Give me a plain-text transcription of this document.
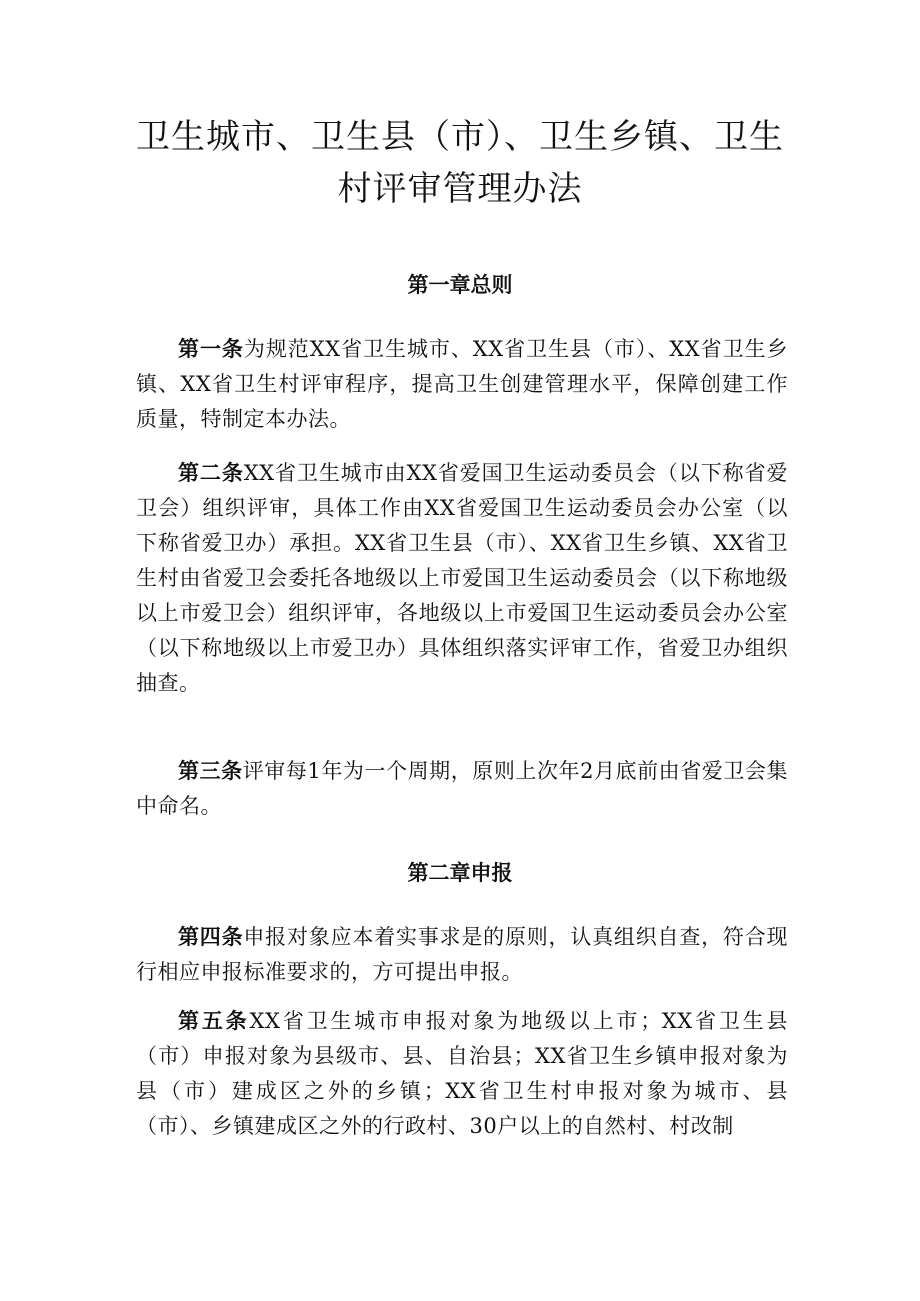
卫生城市、卫生县（市）、卫生乡镇、卫生
村评审管理办法
第一章总则
第一条为规范XX省卫生城市、XX省卫生县（市）、XX省卫生乡镇、XX省卫生村评审程序，提高卫生创建管理水平，保障创建工作质量，特制定本办法。
第二条XX省卫生城市由XX省爱国卫生运动委员会（以下称省爱卫会）组织评审，具体工作由XX省爱国卫生运动委员会办公室（以下称省爱卫办）承担。XX省卫生县（市）、XX省卫生乡镇、XX省卫生村由省爱卫会委托各地级以上市爱国卫生运动委员会（以下称地级以上市爱卫会）组织评审，各地级以上市爱国卫生运动委员会办公室（以下称地级以上市爱卫办）具体组织落实评审工作，省爱卫办组织抽查。
第三条评审每1年为一个周期，原则上次年2月底前由省爱卫会集中命名。
第二章申报
第四条申报对象应本着实事求是的原则，认真组织自查，符合现行相应申报标准要求的，方可提出申报。
第五条XX省卫生城市申报对象为地级以上市；XX省卫生县（市）申报对象为县级市、县、自治县；XX省卫生乡镇申报对象为县（市）建成区之外的乡镇；XX省卫生村申报对象为城市、县（市）、乡镇建成区之外的行政村、30户以上的自然村、村改制
